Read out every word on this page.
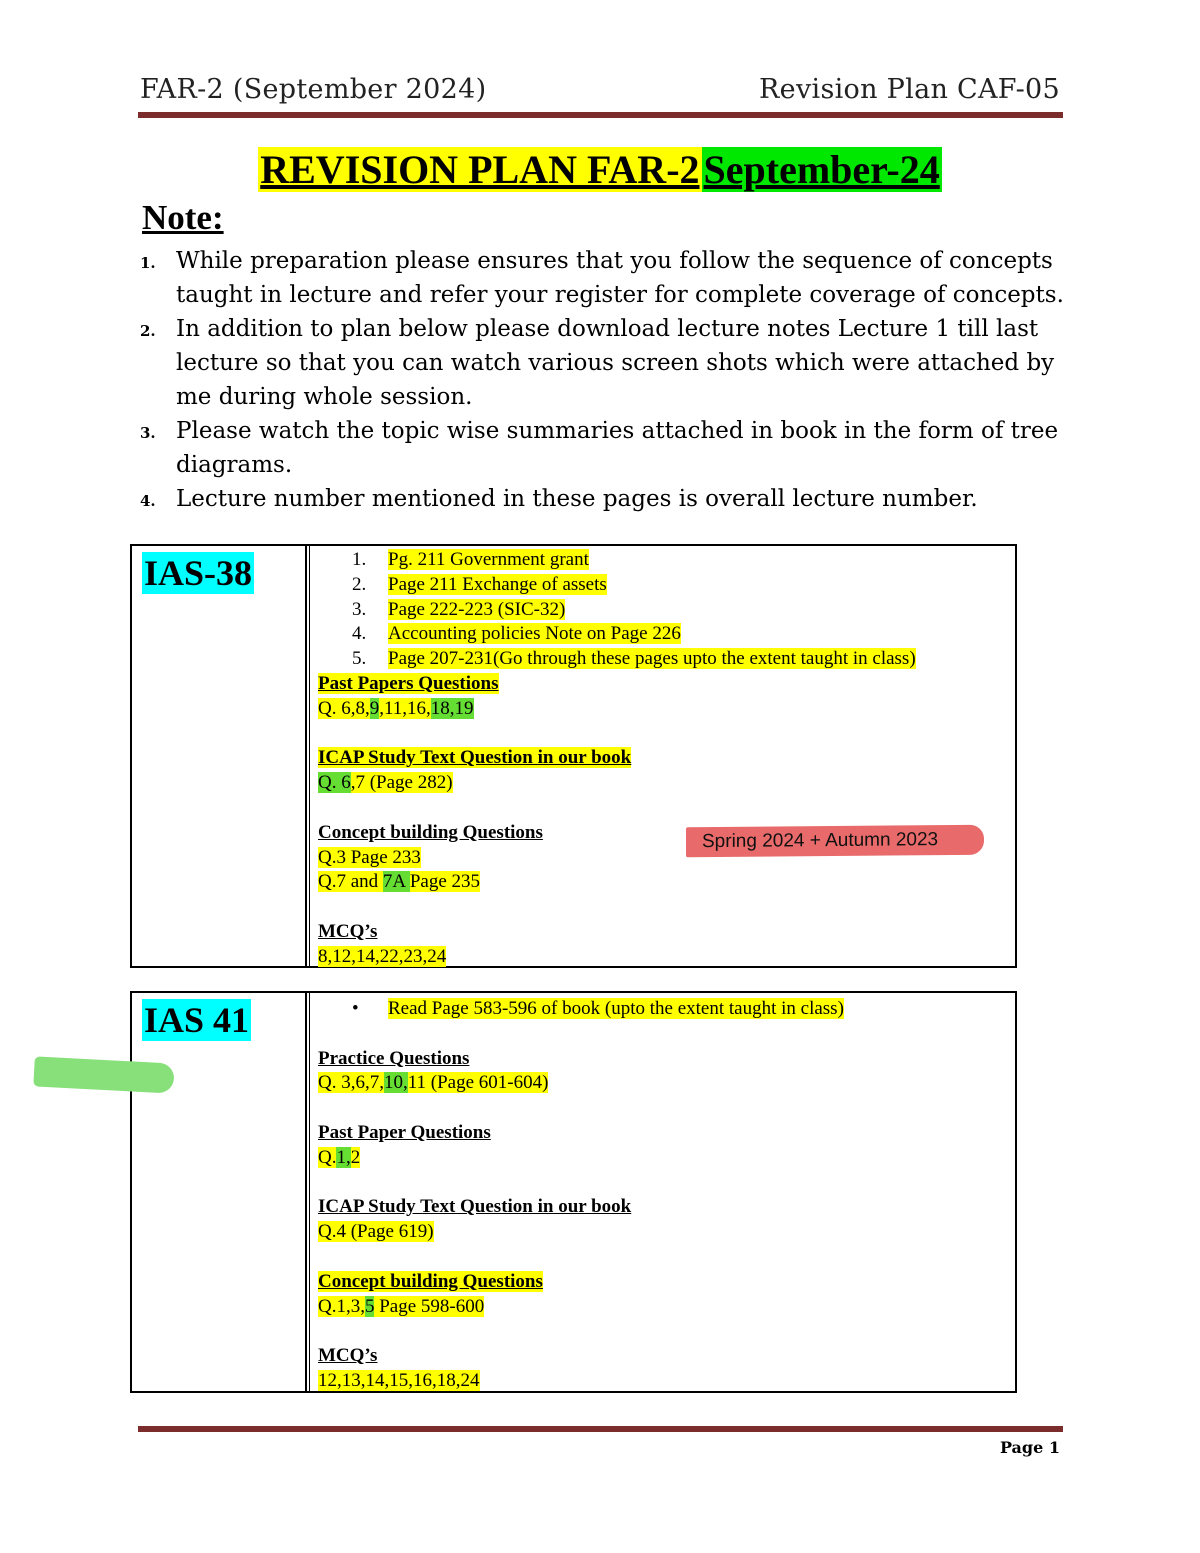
FAR-2 (September 2024)	Revision Plan CAF-05
REVISION PLAN FAR-2 September-24
Note:
1. While preparation please ensures that you follow the sequence of concepts taught in lecture and refer your register for complete coverage of concepts.
2. In addition to plan below please download lecture notes Lecture 1 till last lecture so that you can watch various screen shots which were attached by me during whole session.
3. Please watch the topic wise summaries attached in book in the form of tree diagrams.
4. Lecture number mentioned in these pages is overall lecture number.
IAS-38	1. Pg. 211 Government grant
2. Page 211 Exchange of assets
3. Page 222-223 (SIC-32)
4. Accounting policies Note on Page 226
5. Page 207-231(Go through these pages upto the extent taught in class)
Past Papers Questions
Q. 6,8,9,11,16,18,19
ICAP Study Text Question in our book
Q. 6,7 (Page 282)
Concept building Questions
Q.3 Page 233
Q.7 and 7A Page 235
MCQ’s
8,12,14,22,23,24
Spring 2024 + Autumn 2023
IAS 41	• Read Page 583-596 of book (upto the extent taught in class)
Practice Questions
Q. 3,6,7,10,11 (Page 601-604)
Past Paper Questions
Q.1,2
ICAP Study Text Question in our book
Q.4 (Page 619)
Concept building Questions
Q.1,3,5 Page 598-600
MCQ’s
12,13,14,15,16,18,24
Page 1
